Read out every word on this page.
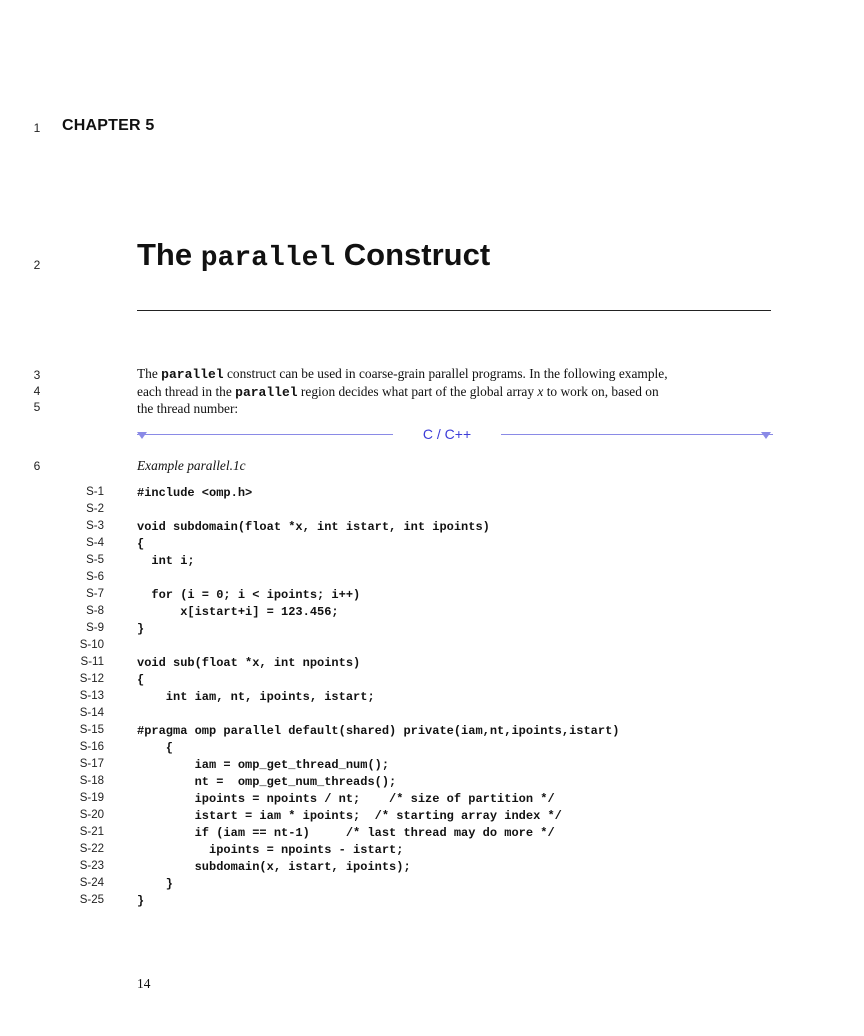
1
2
3
4
5
6
CHAPTER 5
The parallel Construct
The parallel construct can be used in coarse-grain parallel programs. In the following example,
each thread in the parallel region decides what part of the global array x to work on, based on
the thread number:
C / C++
Example parallel.1c
S-1	#include <omp.h>
S-2
S-3	void subdomain(float *x, int istart, int ipoints)
S-4	{
S-5	int i;
S-6
S-7	for (i = 0; i < ipoints; i++)
S-8	x[istart+i] = 123.456;
S-9	}
S-10
S-11	void sub(float *x, int npoints)
S-12	{
S-13	int iam, nt, ipoints, istart;
S-14
S-15	#pragma omp parallel default(shared) private(iam,nt,ipoints,istart)
S-16	{
S-17	iam = omp_get_thread_num();
S-18	nt =  omp_get_num_threads();
S-19	ipoints = npoints / nt;    /* size of partition */
S-20	istart = iam * ipoints;  /* starting array index */
S-21	if (iam == nt-1)     /* last thread may do more */
S-22	ipoints = npoints - istart;
S-23	subdomain(x, istart, ipoints);
S-24	}
S-25	}
14
